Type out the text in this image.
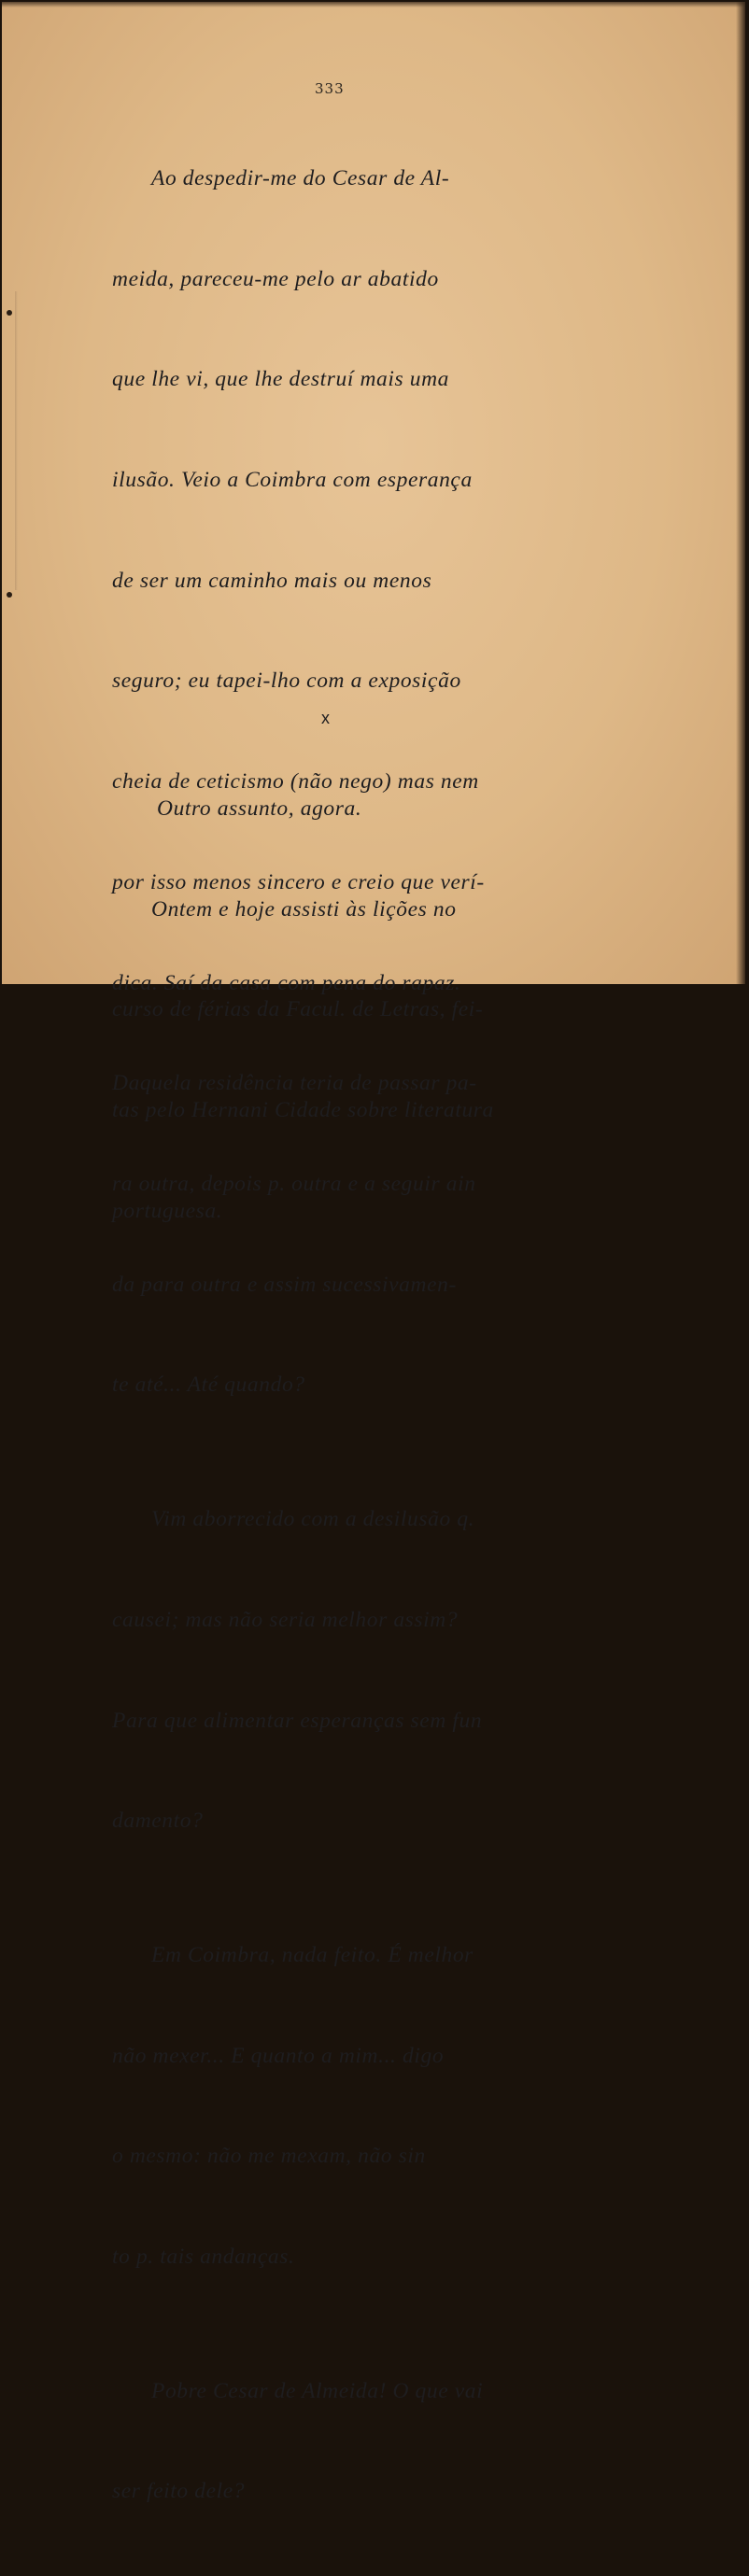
333

Ao despedir-me do Cesar de Al-

meida, pareceu-me pelo ar abatido

que lhe vi, que lhe destruí mais uma

ilusão. Veio a Coimbra com esperança

de ser um caminho mais ou menos

seguro; eu tapei-lho com a exposição

cheia de ceticismo (não nego) mas nem

por isso menos sincero e creio que verí-

dica. Saí da casa com pena do rapaz.

Daquela residência teria de passar pa-

ra outra, depois p. outra e a seguir ain

da para outra e assim sucessivamen-

te até... Até quando?

Vim aborrecido com a desilusão q.

causei; mas não seria melhor assim?

Para que alimentar esperanças sem fun

damento?

Em Coimbra, nada feito. É melhor

não mexer... E quanto a mim... digo

o mesmo: não me mexam, não sin

to p. tais andanças.

Pobre Cesar de Almeida! O que vai

ser feito dele?

x

Outro assunto, agora.

Ontem e hoje assisti às lições no

curso de férias da Facul. de Letras, fei-

tas pelo Hernani Cidade sobre literatura

portuguesa.
